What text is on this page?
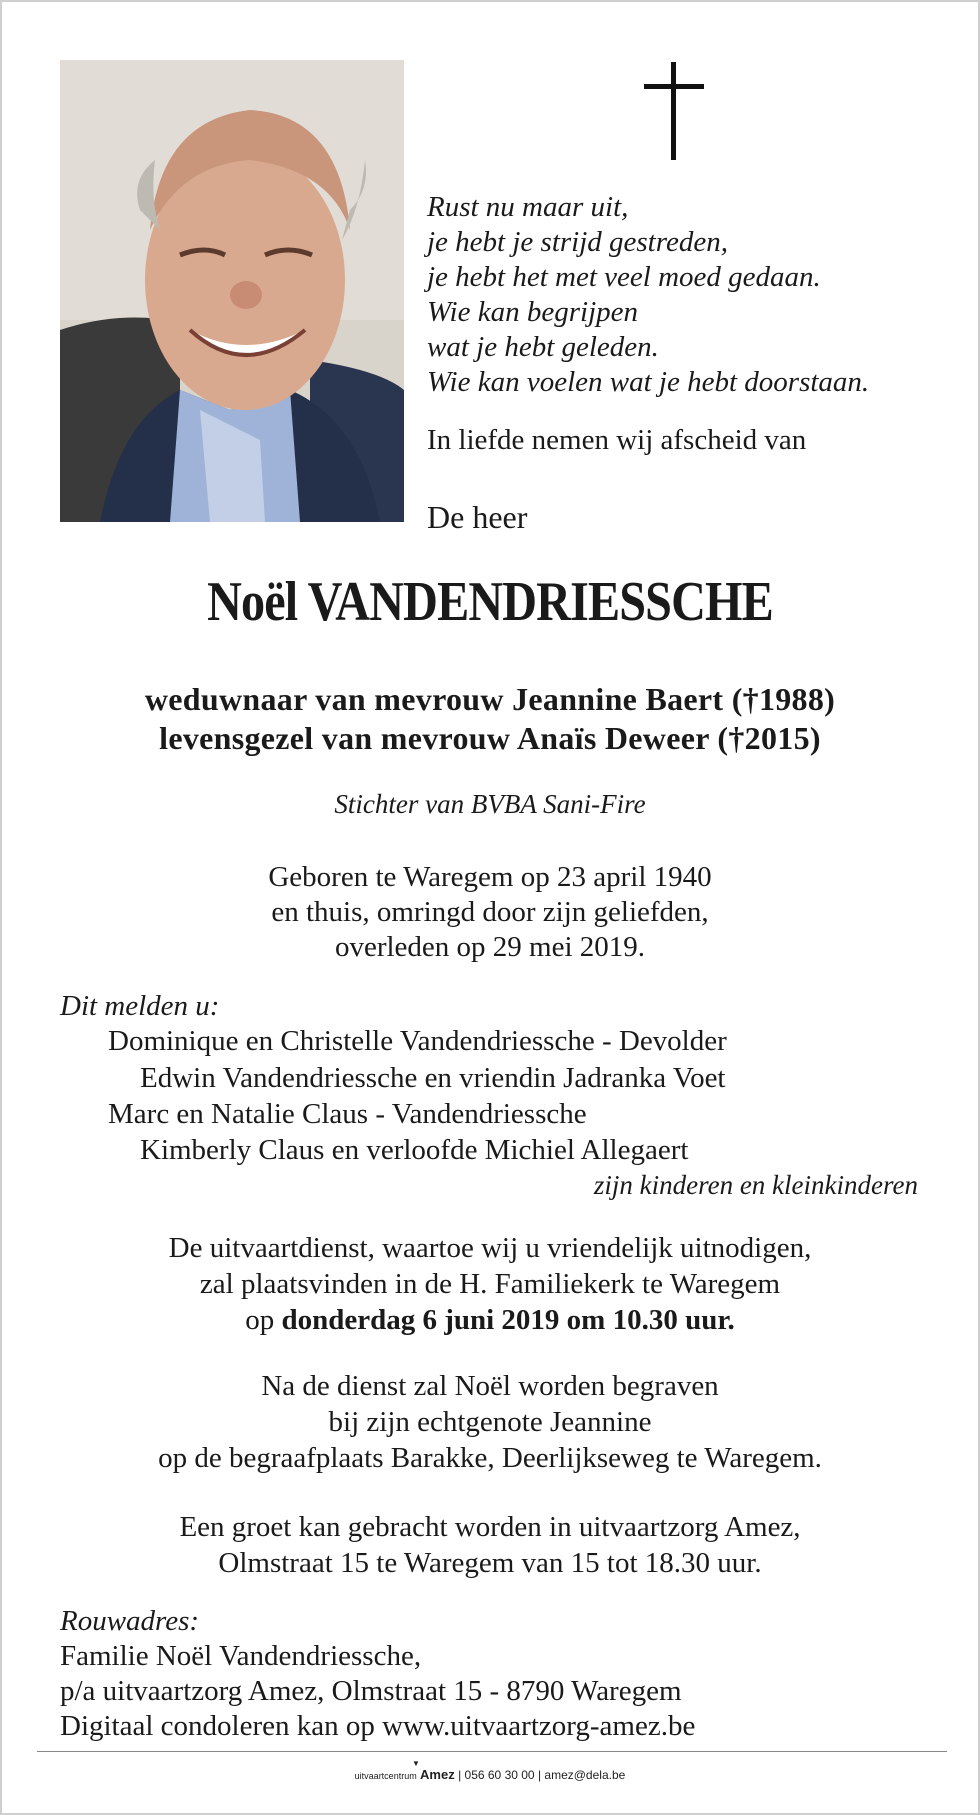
Rust nu maar uit,
je hebt je strijd gestreden,
je hebt het met veel moed gedaan.
Wie kan begrijpen
wat je hebt geleden.
Wie kan voelen wat je hebt doorstaan.
In liefde nemen wij afscheid van
De heer
Noël VANDENDRIESSCHE
weduwnaar van mevrouw Jeannine Baert (†1988)
levensgezel van mevrouw Anaïs Deweer (†2015)
Stichter van BVBA Sani-Fire
Geboren te Waregem op 23 april 1940
en thuis, omringd door zijn geliefden,
overleden op 29 mei 2019.
Dit melden u:
Dominique en Christelle Vandendriessche - Devolder
Edwin Vandendriessche en vriendin Jadranka Voet
Marc en Natalie Claus - Vandendriessche
Kimberly Claus en verloofde Michiel Allegaert
zijn kinderen en kleinkinderen
De uitvaartdienst, waartoe wij u vriendelijk uitnodigen,
zal plaatsvinden in de H. Familiekerk te Waregem
op donderdag 6 juni 2019 om 10.30 uur.
Na de dienst zal Noël worden begraven
bij zijn echtgenote Jeannine
op de begraafplaats Barakke, Deerlijkseweg te Waregem.
Een groet kan gebracht worden in uitvaartzorg Amez,
Olmstraat 15 te Waregem van 15 tot 18.30 uur.
Rouwadres:
Familie Noël Vandendriessche,
p/a uitvaartzorg Amez, Olmstraat 15 - 8790 Waregem
Digitaal condoleren kan op www.uitvaartzorg-amez.be
uitvaartcentrum
▼
Amez | 056 60 30 00 | amez@dela.be
